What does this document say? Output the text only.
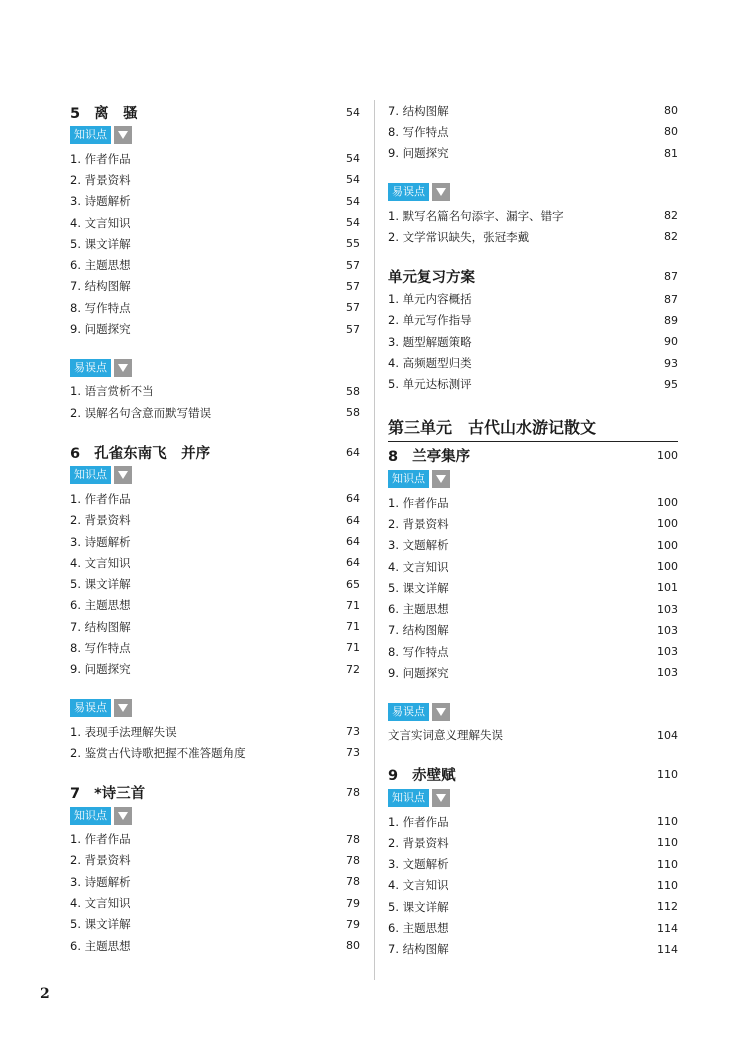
5 离　骚	54
知识点
1. 作者作品	54
2. 背景资料	54
3. 诗题解析	54
4. 文言知识	54
5. 课文详解	55
6. 主题思想	57
7. 结构图解	57
8. 写作特点	57
9. 问题探究	57
易误点
1. 语言赏析不当	58
2. 误解名句含意而默写错误	58
6 孔雀东南飞　并序	64
知识点
1. 作者作品	64
2. 背景资料	64
3. 诗题解析	64
4. 文言知识	64
5. 课文详解	65
6. 主题思想	71
7. 结构图解	71
8. 写作特点	71
9. 问题探究	72
易误点
1. 表现手法理解失误	73
2. 鉴赏古代诗歌把握不准答题角度	73
7 *诗三首	78
知识点
1. 作者作品	78
2. 背景资料	78
3. 诗题解析	78
4. 文言知识	79
5. 课文详解	79
6. 主题思想	80
7. 结构图解	80
8. 写作特点	80
9. 问题探究	81
易误点
1. 默写名篇名句添字、漏字、错字	82
2. 文学常识缺失，张冠李戴	82
单元复习方案	87
1. 单元内容概括	87
2. 单元写作指导	89
3. 题型解题策略	90
4. 高频题型归类	93
5. 单元达标测评	95
第三单元　古代山水游记散文
8 兰亭集序	100
知识点
1. 作者作品	100
2. 背景资料	100
3. 文题解析	100
4. 文言知识	100
5. 课文详解	101
6. 主题思想	103
7. 结构图解	103
8. 写作特点	103
9. 问题探究	103
易误点
文言实词意义理解失误	104
9 赤壁赋	110
知识点
1. 作者作品	110
2. 背景资料	110
3. 文题解析	110
4. 文言知识	110
5. 课文详解	112
6. 主题思想	114
7. 结构图解	114
2
